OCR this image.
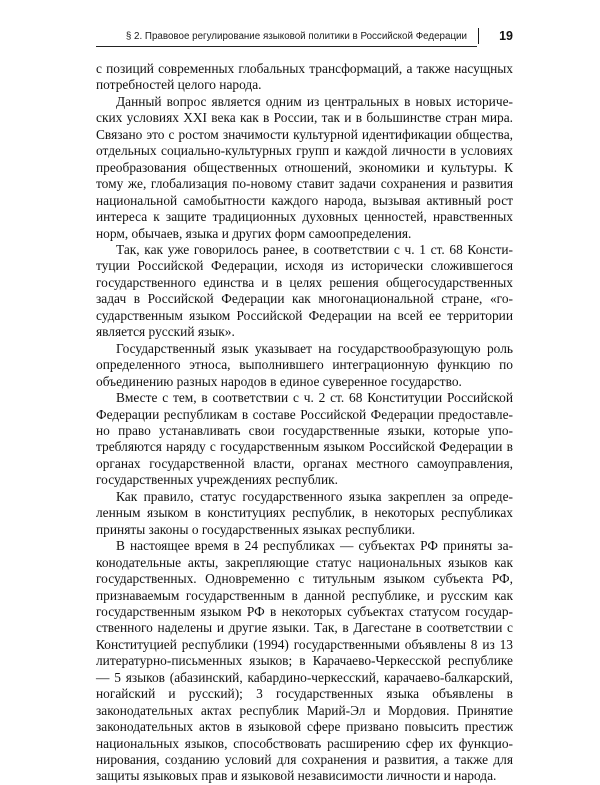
§ 2. Правовое регулирование языковой политики в Российской Федерации	19

с позиций современных глобальных трансформаций, а также насущных потребностей целого народа.

Данный вопрос является одним из центральных в новых исторических условиях XXI века как в России, так и в большинстве стран мира. Связано это с ростом значимости культурной идентификации общества, отдельных социально-культурных групп и каждой личности в условиях преобразования общественных отношений, экономики и культуры. К тому же, глобализация по-новому ставит задачи сохранения и развития национальной самобытности каждого народа, вызывая активный рост интереса к защите традиционных духовных ценностей, нравственных норм, обычаев, языка и других форм самоопределения.

Так, как уже говорилось ранее, в соответствии с ч. 1 ст. 68 Конституции Российской Федерации, исходя из исторически сложившегося государственного единства и в целях решения общегосударственных задач в Российской Федерации как многонациональной стране, «государственным языком Российской Федерации на всей ее территории является русский язык».

Государственный язык указывает на государствообразующую роль определенного этноса, выполнившего интеграционную функцию по объединению разных народов в единое суверенное государство.

Вместе с тем, в соответствии с ч. 2 ст. 68 Конституции Российской Федерации республикам в составе Российской Федерации предоставлено право устанавливать свои государственные языки, которые употребляются наряду с государственным языком Российской Федерации в органах государственной власти, органах местного самоуправления, государственных учреждениях республик.

Как правило, статус государственного языка закреплен за определенным языком в конституциях республик, в некоторых республиках приняты законы о государственных языках республики.

В настоящее время в 24 республиках — субъектах РФ приняты законодательные акты, закрепляющие статус национальных языков как государственных. Одновременно с титульным языком субъекта РФ, признаваемым государственным в данной республике, и русским как государственным языком РФ в некоторых субъектах статусом государственного наделены и другие языки. Так, в Дагестане в соответствии с Конституцией республики (1994) государственными объявлены 8 из 13 литературно-письменных языков; в Карачаево-Черкесской республике — 5 языков (абазинский, кабардино-черкесский, карачаево-балкарский, ногайский и русский); 3 государственных языка объявлены в законодательных актах республик Марий-Эл и Мордовия. Принятие законодательных актов в языковой сфере призвано повысить престиж национальных языков, способствовать расширению сфер их функционирования, созданию условий для сохранения и развития, а также для защиты языковых прав и языковой независимости личности и народа.
